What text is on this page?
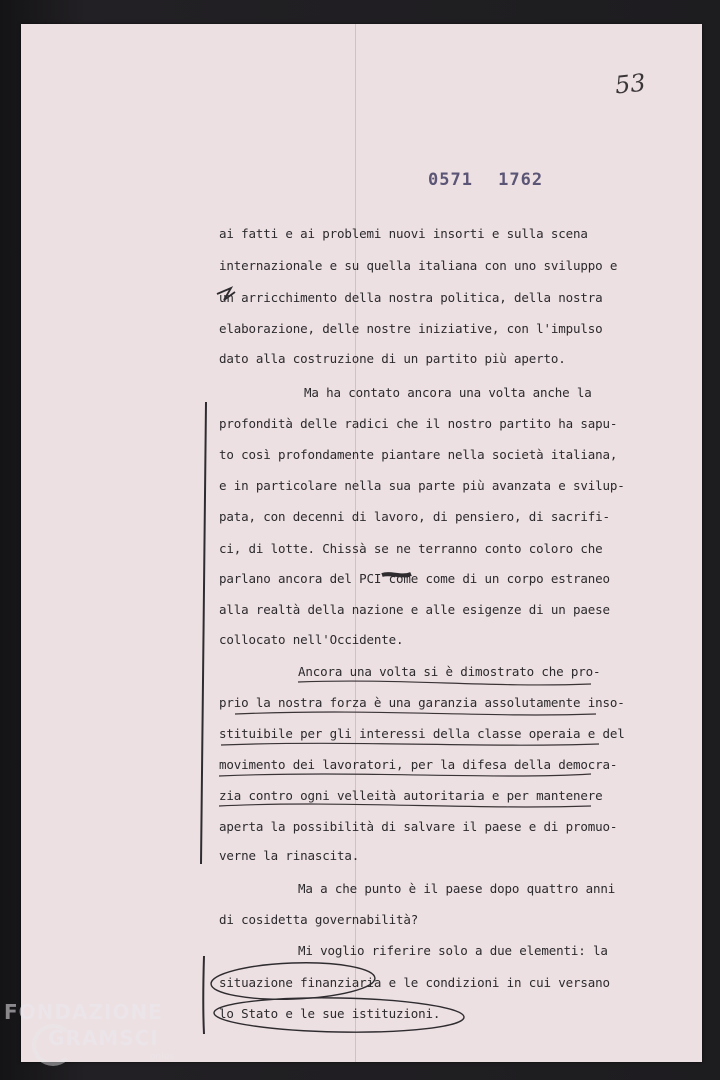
53
0571 1762
ai fatti e ai problemi nuovi insorti e sulla scena
internazionale e su quella italiana con uno sviluppo e
un arricchimento della nostra politica, della nostra
elaborazione, delle nostre iniziative, con l'impulso
dato alla costruzione di un partito più aperto.
Ma ha contato ancora una volta anche la
profondità delle radici che il nostro partito ha sapu-
to così profondamente piantare nella società italiana,
e in particolare nella sua parte più avanzata e svilup-
pata, con decenni di lavoro, di pensiero, di sacrifi-
ci, di lotte. Chissà se ne terranno conto coloro che
parlano ancora del PCI come come di un corpo estraneo
alla realtà della nazione e alle esigenze di un paese
collocato nell'Occidente.
Ancora una volta si è dimostrato che pro-
prio la nostra forza è una garanzia assolutamente inso-
stituibile per gli interessi della classe operaia e del
movimento dei lavoratori, per la difesa della democra-
zia contro ogni velleità autoritaria e per mantenere
aperta la possibilità di salvare il paese e di promuo-
verne la rinascita.
Ma a che punto è il paese dopo quattro anni
di cosidetta governabilità?
Mi voglio riferire solo a due elementi: la
situazione finanziaria e le condizioni in cui versano
lo Stato e le sue istituzioni.
FONDAZIONE
GRAMSCI
onlus
